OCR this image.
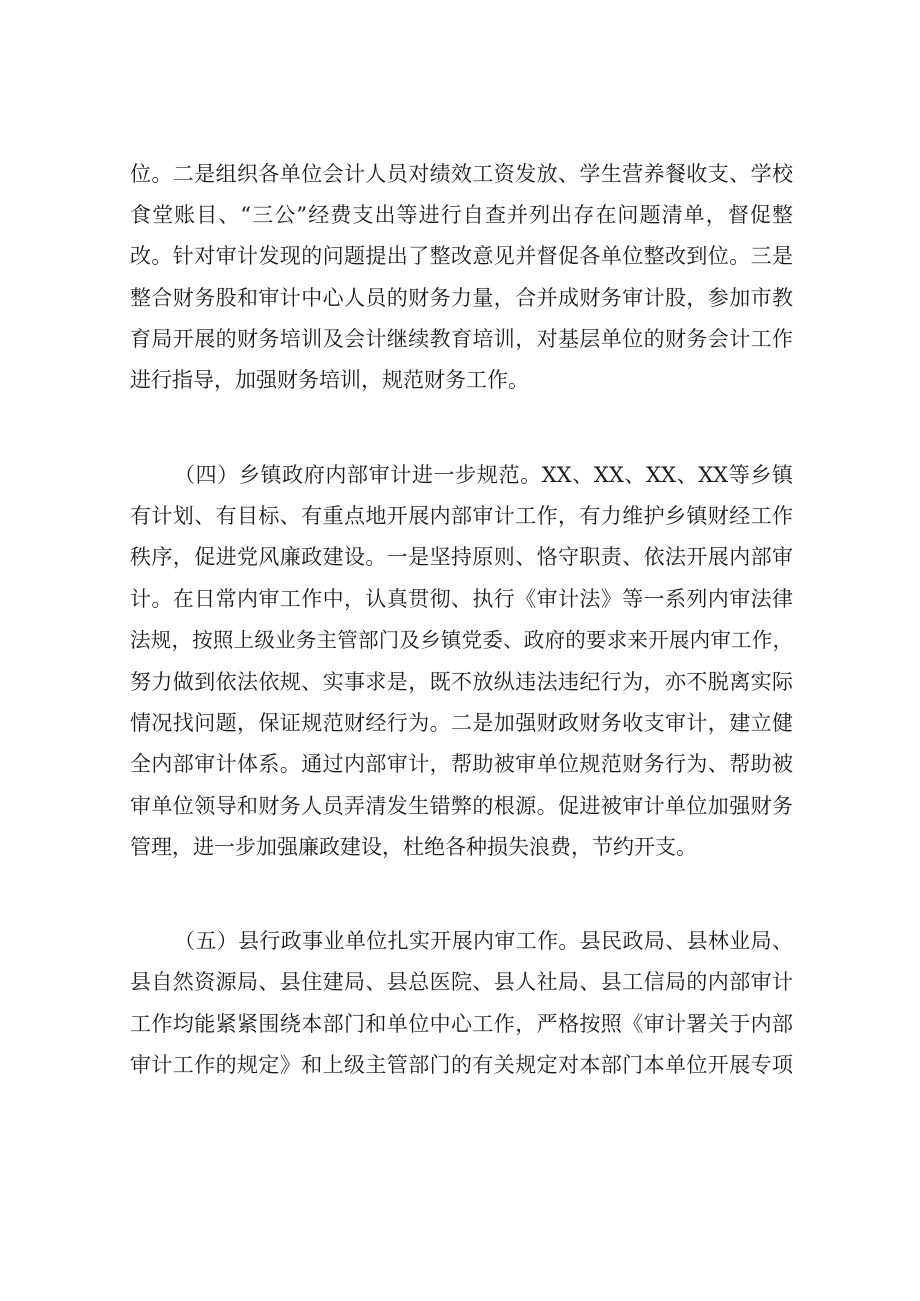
位。二是组织各单位会计人员对绩效工资发放、学生营养餐收支、学校
食堂账目、“三公”经费支出等进行自查并列出存在问题清单，督促整
改。针对审计发现的问题提出了整改意见并督促各单位整改到位。三是
整合财务股和审计中心人员的财务力量，合并成财务审计股，参加市教
育局开展的财务培训及会计继续教育培训，对基层单位的财务会计工作
进行指导，加强财务培训，规范财务工作。
（四）乡镇政府内部审计进一步规范。XX、XX、XX、XX等乡镇
有计划、有目标、有重点地开展内部审计工作，有力维护乡镇财经工作
秩序，促进党风廉政建设。一是坚持原则、恪守职责、依法开展内部审
计。在日常内审工作中，认真贯彻、执行《审计法》等一系列内审法律
法规，按照上级业务主管部门及乡镇党委、政府的要求来开展内审工作，
努力做到依法依规、实事求是，既不放纵违法违纪行为，亦不脱离实际
情况找问题，保证规范财经行为。二是加强财政财务收支审计，建立健
全内部审计体系。通过内部审计，帮助被审单位规范财务行为、帮助被
审单位领导和财务人员弄清发生错弊的根源。促进被审计单位加强财务
管理，进一步加强廉政建设，杜绝各种损失浪费，节约开支。
（五）县行政事业单位扎实开展内审工作。县民政局、县林业局、
县自然资源局、县住建局、县总医院、县人社局、县工信局的内部审计
工作均能紧紧围绕本部门和单位中心工作，严格按照《审计署关于内部
审计工作的规定》和上级主管部门的有关规定对本部门本单位开展专项
